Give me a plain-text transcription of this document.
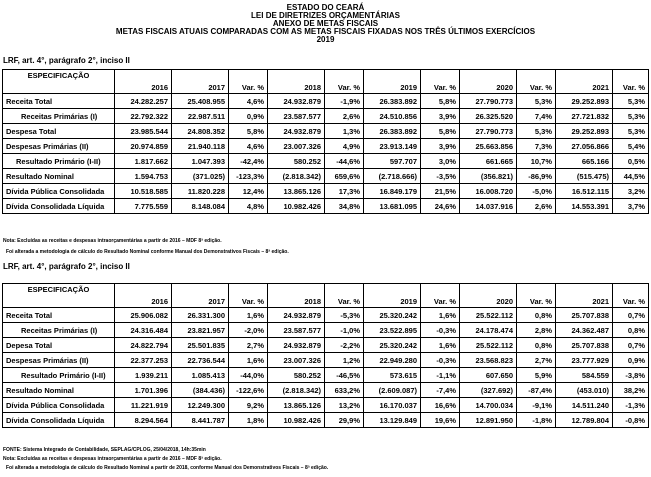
ESTADO DO CEARÁ
LEI DE DIRETRIZES ORÇAMENTÁRIAS
ANEXO DE METAS FISCAIS
METAS FISCAIS ATUAIS COMPARADAS COM AS METAS FISCAIS FIXADAS NOS TRÊS ÚLTIMOS EXERCÍCIOS
2019
LRF, art. 4°, parágrafo 2°, inciso II
ESPECIFICAÇÃO	2016	2017	Var. %	2018	Var. %	2019	Var. %	2020	Var. %	2021	Var. %
Receita Total	24.282.257	25.408.955	4,6%	24.932.879	-1,9%	26.383.892	5,8%	27.790.773	5,3%	29.252.893	5,3%
Receitas Primárias (I)	22.792.322	22.987.511	0,9%	23.587.577	2,6%	24.510.856	3,9%	26.325.520	7,4%	27.721.832	5,3%
Despesa Total	23.985.544	24.808.352	5,8%	24.932.879	1,3%	26.383.892	5,8%	27.790.773	5,3%	29.252.893	5,3%
Despesas Primárias (II)	20.974.859	21.940.118	4,6%	23.007.326	4,9%	23.913.149	3,9%	25.663.856	7,3%	27.056.866	5,4%
Resultado Primário (I-II)	1.817.662	1.047.393	-42,4%	580.252	-44,6%	597.707	3,0%	661.665	10,7%	665.166	0,5%
Resultado Nominal	1.594.753	(371.025)	-123,3%	(2.818.342)	659,6%	(2.718.666)	-3,5%	(356.821)	-86,9%	(515.475)	44,5%
Dívida Pública Consolidada	10.518.585	11.820.228	12,4%	13.865.126	17,3%	16.849.179	21,5%	16.008.720	-5,0%	16.512.115	3,2%
Dívida Consolidada Líquida	7.775.559	8.148.084	4,8%	10.982.426	34,8%	13.681.095	24,6%	14.037.916	2,6%	14.553.391	3,7%
Nota: Excluídas as receitas e despesas intraorçamentárias a partir de 2016 – MDF 8ª edição.
Foi alterada a metodologia de cálculo do Resultado Nominal conforme Manual dos Demonstrativos Fiscais – 8ª edição.
LRF, art. 4°, parágrafo 2°, inciso II
ESPECIFICAÇÃO	2016	2017	Var. %	2018	Var. %	2019	Var. %	2020	Var. %	2021	Var. %
Receita Total	25.906.082	26.331.300	1,6%	24.932.879	-5,3%	25.320.242	1,6%	25.522.112	0,8%	25.707.838	0,7%
Receitas Primárias (I)	24.316.484	23.821.957	-2,0%	23.587.577	-1,0%	23.522.895	-0,3%	24.178.474	2,8%	24.362.487	0,8%
Depesa Total	24.822.794	25.501.835	2,7%	24.932.879	-2,2%	25.320.242	1,6%	25.522.112	0,8%	25.707.838	0,7%
Despesas Primárias (II)	22.377.253	22.736.544	1,6%	23.007.326	1,2%	22.949.280	-0,3%	23.568.823	2,7%	23.777.929	0,9%
Resultado Primário (I-II)	1.939.211	1.085.413	-44,0%	580.252	-46,5%	573.615	-1,1%	607.650	5,9%	584.559	-3,8%
Resultado Nominal	1.701.396	(384.436)	-122,6%	(2.818.342)	633,2%	(2.609.087)	-7,4%	(327.692)	-87,4%	(453.010)	38,2%
Dívida Pública Consolidada	11.221.919	12.249.300	9,2%	13.865.126	13,2%	16.170.037	16,6%	14.700.034	-9,1%	14.511.240	-1,3%
Dívida Consolidada Líquida	8.294.564	8.441.787	1,8%	10.982.426	29,9%	13.129.849	19,6%	12.891.950	-1,8%	12.789.804	-0,8%
FONTE: Sistema Integrado de Contabilidade, SEPLAG/CPLOG, 25/04/2018, 14h:35min
Nota: Excluídas as receitas e despesas intraorçamentárias a partir de 2016 – MDF 8ª edição.
Foi alterada a metodologia de cálculo do Resultado Nominal a partir de 2018, conforme Manual dos Demonstrativos Fiscais – 8ª edição.
